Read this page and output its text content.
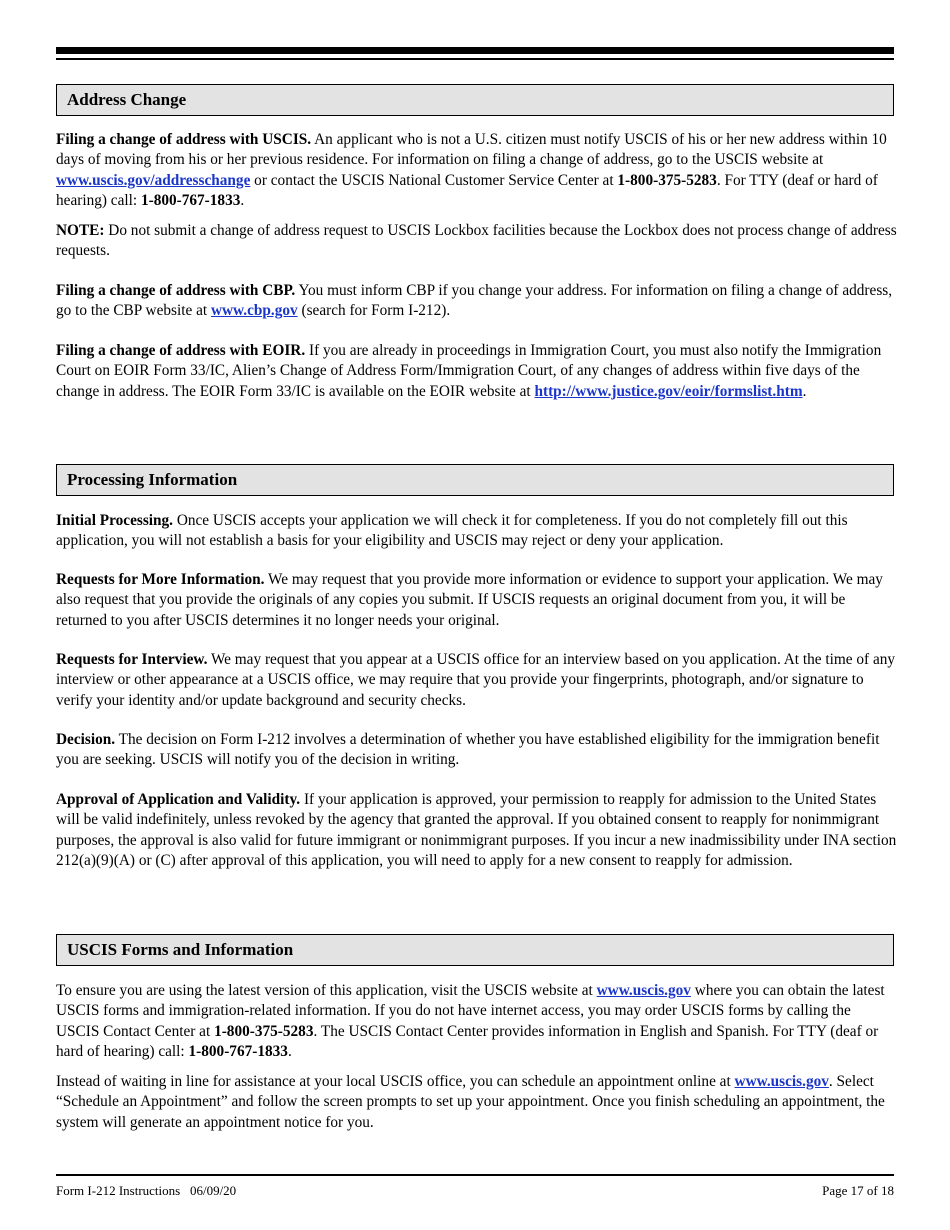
Address Change

Filing a change of address with USCIS. An applicant who is not a U.S. citizen must notify USCIS of his or her new address within 10 days of moving from his or her previous residence. For information on filing a change of address, go to the USCIS website at www.uscis.gov/addresschange or contact the USCIS National Customer Service Center at 1-800-375-5283. For TTY (deaf or hard of hearing) call: 1-800-767-1833.

NOTE: Do not submit a change of address request to USCIS Lockbox facilities because the Lockbox does not process change of address requests.

Filing a change of address with CBP. You must inform CBP if you change your address. For information on filing a change of address, go to the CBP website at www.cbp.gov (search for Form I-212).

Filing a change of address with EOIR. If you are already in proceedings in Immigration Court, you must also notify the Immigration Court on EOIR Form 33/IC, Alien’s Change of Address Form/Immigration Court, of any changes of address within five days of the change in address. The EOIR Form 33/IC is available on the EOIR website at http://www.justice.gov/eoir/formslist.htm.

Processing Information

Initial Processing. Once USCIS accepts your application we will check it for completeness. If you do not completely fill out this application, you will not establish a basis for your eligibility and USCIS may reject or deny your application.

Requests for More Information. We may request that you provide more information or evidence to support your application. We may also request that you provide the originals of any copies you submit. If USCIS requests an original document from you, it will be returned to you after USCIS determines it no longer needs your original.

Requests for Interview. We may request that you appear at a USCIS office for an interview based on you application. At the time of any interview or other appearance at a USCIS office, we may require that you provide your fingerprints, photograph, and/or signature to verify your identity and/or update background and security checks.

Decision. The decision on Form I-212 involves a determination of whether you have established eligibility for the immigration benefit you are seeking. USCIS will notify you of the decision in writing.

Approval of Application and Validity. If your application is approved, your permission to reapply for admission to the United States will be valid indefinitely, unless revoked by the agency that granted the approval. If you obtained consent to reapply for nonimmigrant purposes, the approval is also valid for future immigrant or nonimmigrant purposes. If you incur a new inadmissibility under INA section 212(a)(9)(A) or (C) after approval of this application, you will need to apply for a new consent to reapply for admission.

USCIS Forms and Information

To ensure you are using the latest version of this application, visit the USCIS website at www.uscis.gov where you can obtain the latest USCIS forms and immigration-related information. If you do not have internet access, you may order USCIS forms by calling the USCIS Contact Center at 1-800-375-5283. The USCIS Contact Center provides information in English and Spanish. For TTY (deaf or hard of hearing) call: 1-800-767-1833.

Instead of waiting in line for assistance at your local USCIS office, you can schedule an appointment online at www.uscis.gov. Select “Schedule an Appointment” and follow the screen prompts to set up your appointment. Once you finish scheduling an appointment, the system will generate an appointment notice for you.

Form I-212 Instructions   06/09/20	Page 17 of 18
